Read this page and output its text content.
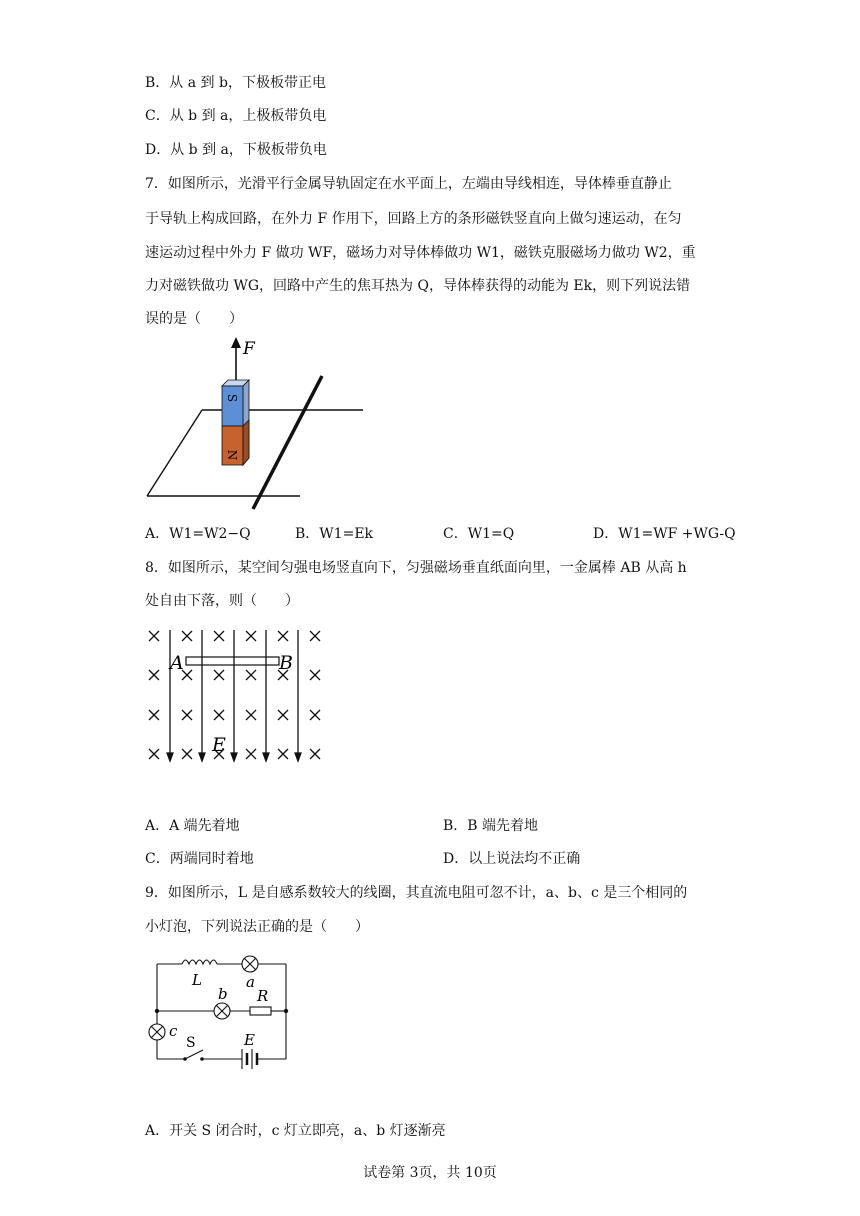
B．从 a 到 b，下极板带正电
C．从 b 到 a，上极板带负电
D．从 b 到 a，下极板带负电
7．如图所示，光滑平行金属导轨固定在水平面上，左端由导线相连，导体棒垂直静止
于导轨上构成回路，在外力 F 作用下，回路上方的条形磁铁竖直向上做匀速运动，在匀
速运动过程中外力 F 做功 WF，磁场力对导体棒做功 W1，磁铁克服磁场力做功 W2，重
力对磁铁做功 WG，回路中产生的焦耳热为 Q，导体棒获得的动能为 Ek，则下列说法错
误的是（　　）
F
S
N
A．W1=W2−Q	B．W1=Ek	C．W1=Q	D．W1=WF +WG-Q
8．如图所示，某空间匀强电场竖直向下，匀强磁场垂直纸面向里，一金属棒 AB 从高 h
处自由下落，则（　　）
A	B
E
A．A 端先着地	B．B 端先着地
C．两端同时着地	D．以上说法均不正确
9．如图所示，L 是自感系数较大的线圈，其直流电阻可忽不计，a、b、c 是三个相同的
小灯泡，下列说法正确的是（　　）
L	a
b R
c
S	E
A．开关 S 闭合时，c 灯立即亮，a、b 灯逐渐亮
试卷第 3页，共 10页
